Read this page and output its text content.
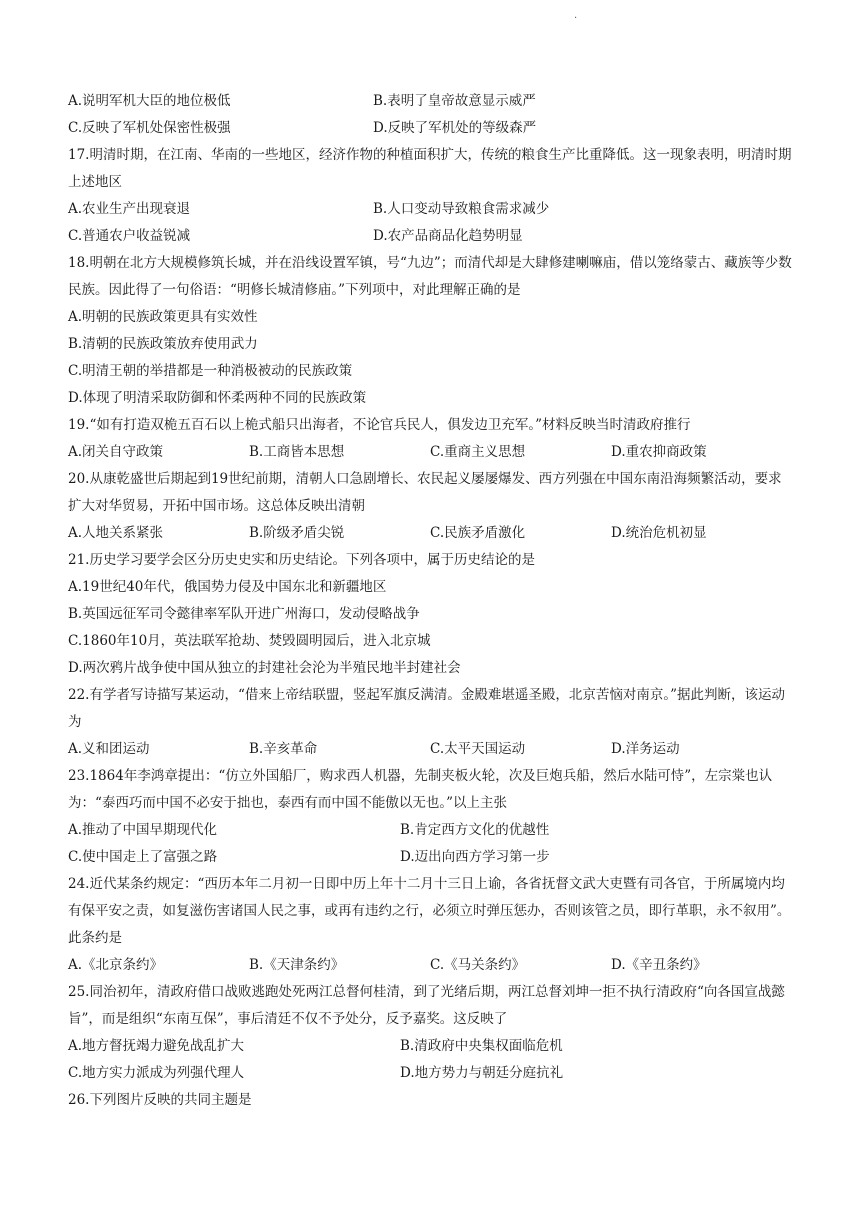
.
A.说明军机大臣的地位极低	B.表明了皇帝故意显示威严
C.反映了军机处保密性极强	D.反映了军机处的等级森严
17.明清时期，在江南、华南的一些地区，经济作物的种植面积扩大，传统的粮食生产比重降低。这一现象表明，明清时期上述地区
A.农业生产出现衰退	B.人口变动导致粮食需求减少
C.普通农户收益锐减	D.农产品商品化趋势明显
18.明朝在北方大规模修筑长城，并在沿线设置军镇，号“九边”；而清代却是大肆修建喇嘛庙，借以笼络蒙古、藏族等少数民族。因此得了一句俗语：“明修长城清修庙。”下列项中，对此理解正确的是
A.明朝的民族政策更具有实效性
B.清朝的民族政策放弃使用武力
C.明清王朝的举措都是一种消极被动的民族政策
D.体现了明清采取防御和怀柔两种不同的民族政策
19.“如有打造双桅五百石以上桅式船只出海者，不论官兵民人，俱发边卫充军。”材料反映当时清政府推行
A.闭关自守政策	B.工商皆本思想	C.重商主义思想	D.重农抑商政策
20.从康乾盛世后期起到19世纪前期，清朝人口急剧增长、农民起义屡屡爆发、西方列强在中国东南沿海频繁活动，要求扩大对华贸易，开拓中国市场。这总体反映出清朝
A.人地关系紧张	B.阶级矛盾尖锐	C.民族矛盾激化	D.统治危机初显
21.历史学习要学会区分历史史实和历史结论。下列各项中，属于历史结论的是
A.19世纪40年代，俄国势力侵及中国东北和新疆地区
B.英国远征军司令懿律率军队开进广州海口，发动侵略战争
C.1860年10月，英法联军抢劫、焚毁圆明园后，进入北京城
D.两次鸦片战争使中国从独立的封建社会沦为半殖民地半封建社会
22.有学者写诗描写某运动，“借来上帝结联盟，竖起军旗反满清。金殿难堪遥圣殿，北京苦恼对南京。”据此判断，该运动为
A.义和团运动	B.辛亥革命	C.太平天国运动	D.洋务运动
23.1864年李鸿章提出：“仿立外国船厂，购求西人机器，先制夹板火轮，次及巨炮兵船，然后水陆可恃”，左宗棠也认为：“泰西巧而中国不必安于拙也，泰西有而中国不能傲以无也。”以上主张
A.推动了中国早期现代化	B.肯定西方文化的优越性
C.使中国走上了富强之路	D.迈出向西方学习第一步
24.近代某条约规定：“西历本年二月初一日即中历上年十二月十三日上谕，各省抚督文武大吏暨有司各官，于所属境内均有保平安之责，如复滋伤害诸国人民之事，或再有违约之行，必须立时弹压惩办，否则该管之员，即行革职，永不叙用”。此条约是
A.《北京条约》	B.《天津条约》	C.《马关条约》	D.《辛丑条约》
25.同治初年，清政府借口战败逃跑处死两江总督何桂清，到了光绪后期，两江总督刘坤一拒不执行清政府“向各国宣战懿旨”，而是组织“东南互保”，事后清廷不仅不予处分，反予嘉奖。这反映了
A.地方督抚竭力避免战乱扩大	B.清政府中央集权面临危机
C.地方实力派成为列强代理人	D.地方势力与朝廷分庭抗礼
26.下列图片反映的共同主题是
